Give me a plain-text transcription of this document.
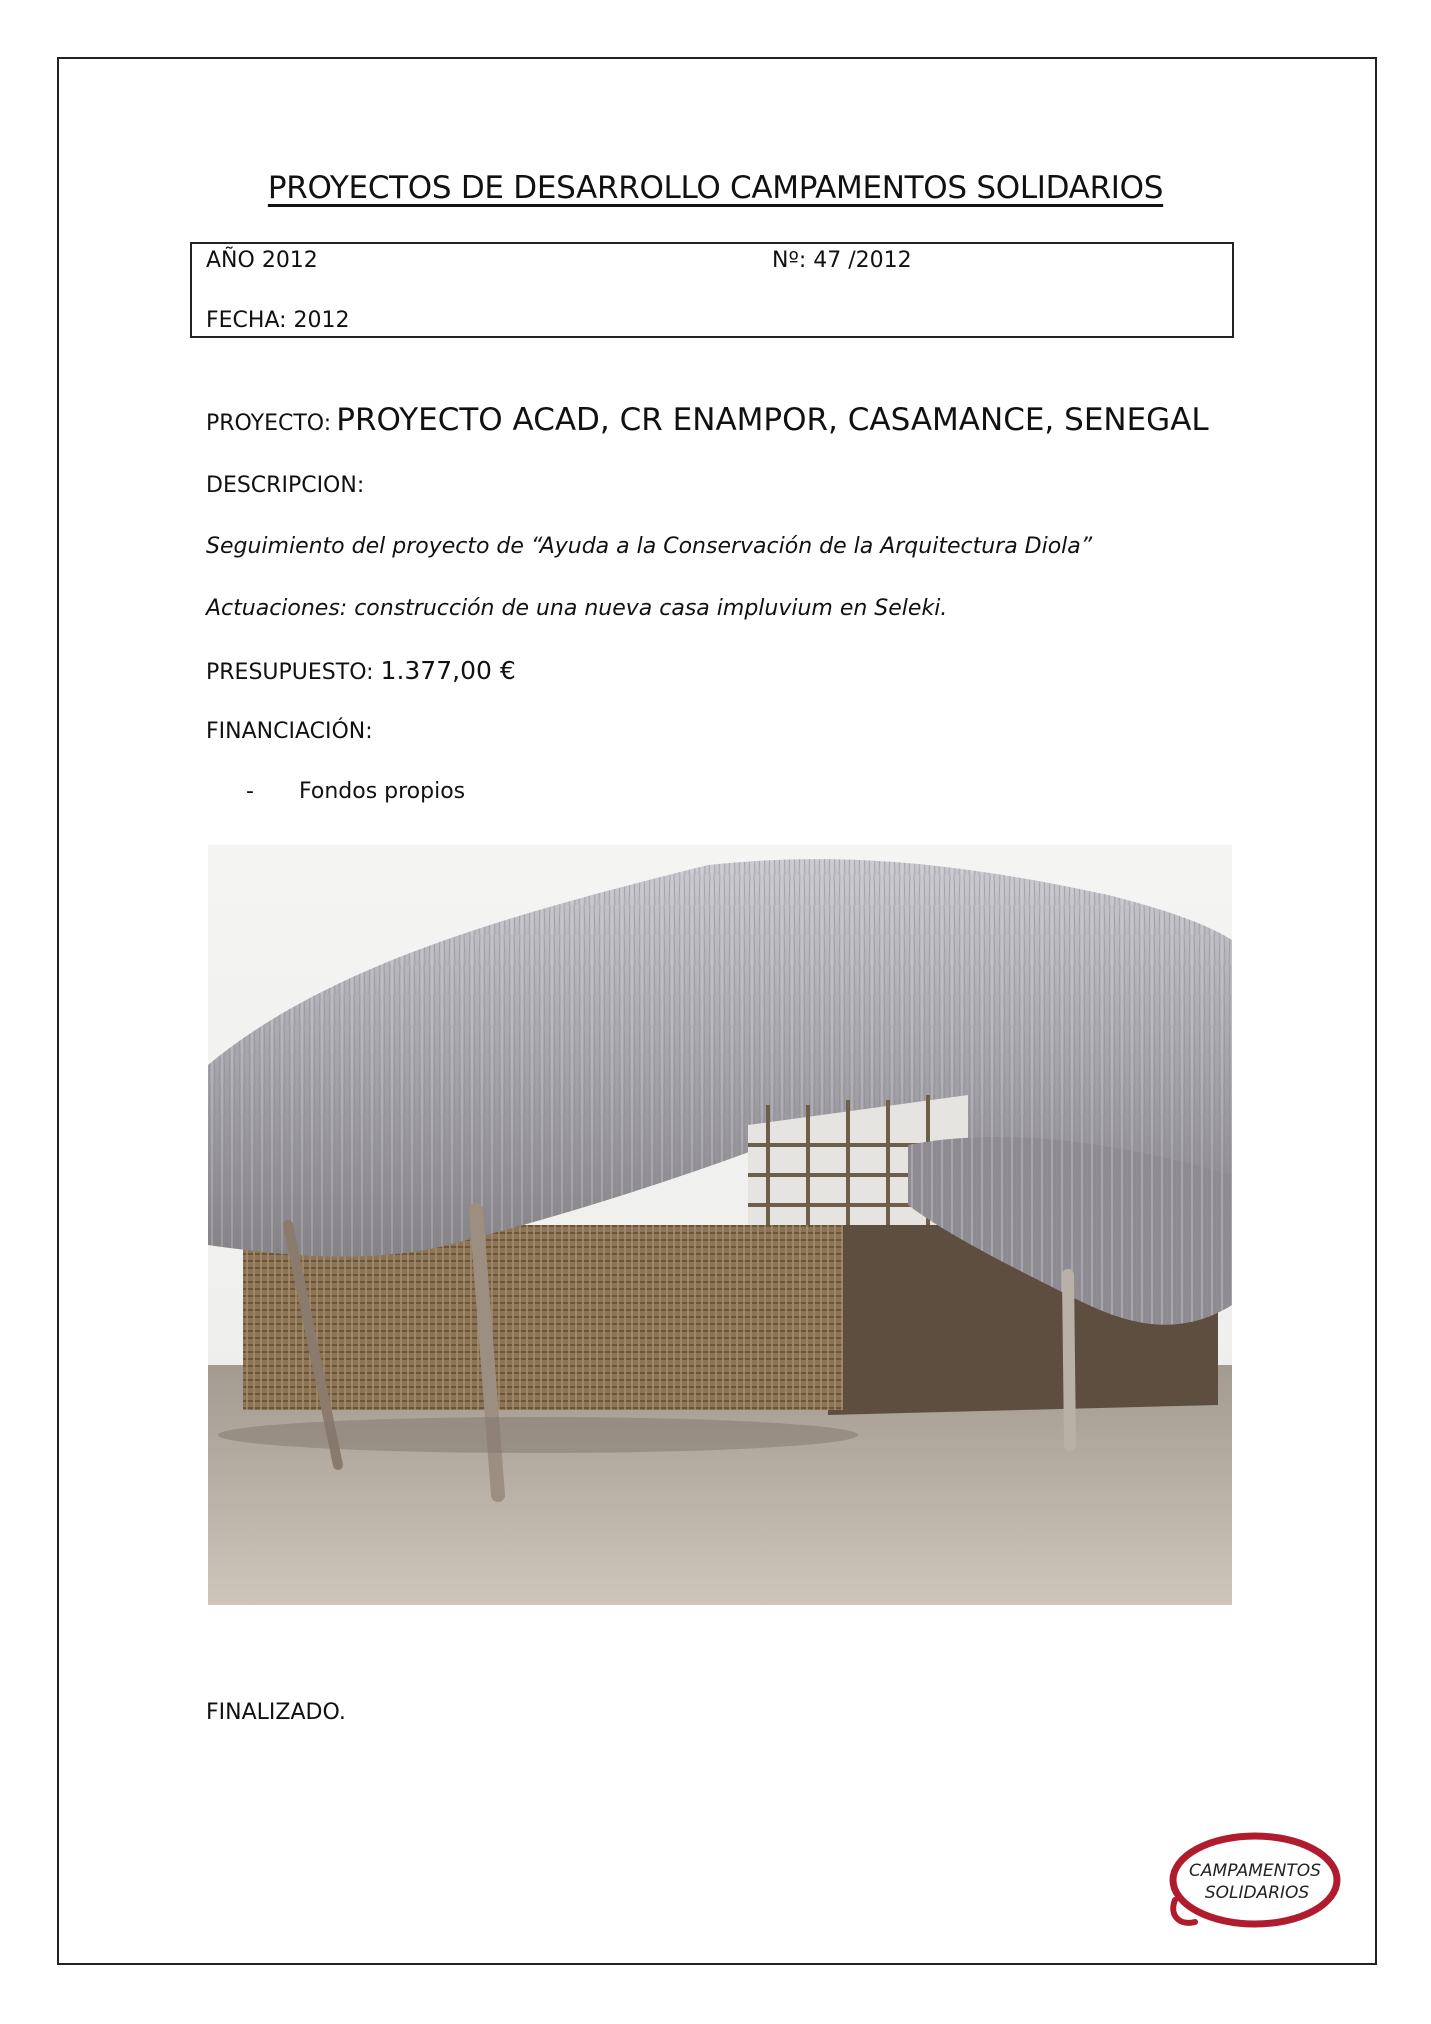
PROYECTOS DE DESARROLLO CAMPAMENTOS SOLIDARIOS
AÑO 2012	Nº: 47 /2012
FECHA: 2012
PROYECTO: PROYECTO ACAD, CR ENAMPOR, CASAMANCE, SENEGAL
DESCRIPCION:
Seguimiento del proyecto de “Ayuda a la Conservación de la Arquitectura Diola”
Actuaciones: construcción de una nueva casa impluvium en Seleki.
PRESUPUESTO: 1.377,00 €
FINANCIACIÓN:
- Fondos propios
FINALIZADO.
CAMPAMENTOS
SOLIDARIOS
